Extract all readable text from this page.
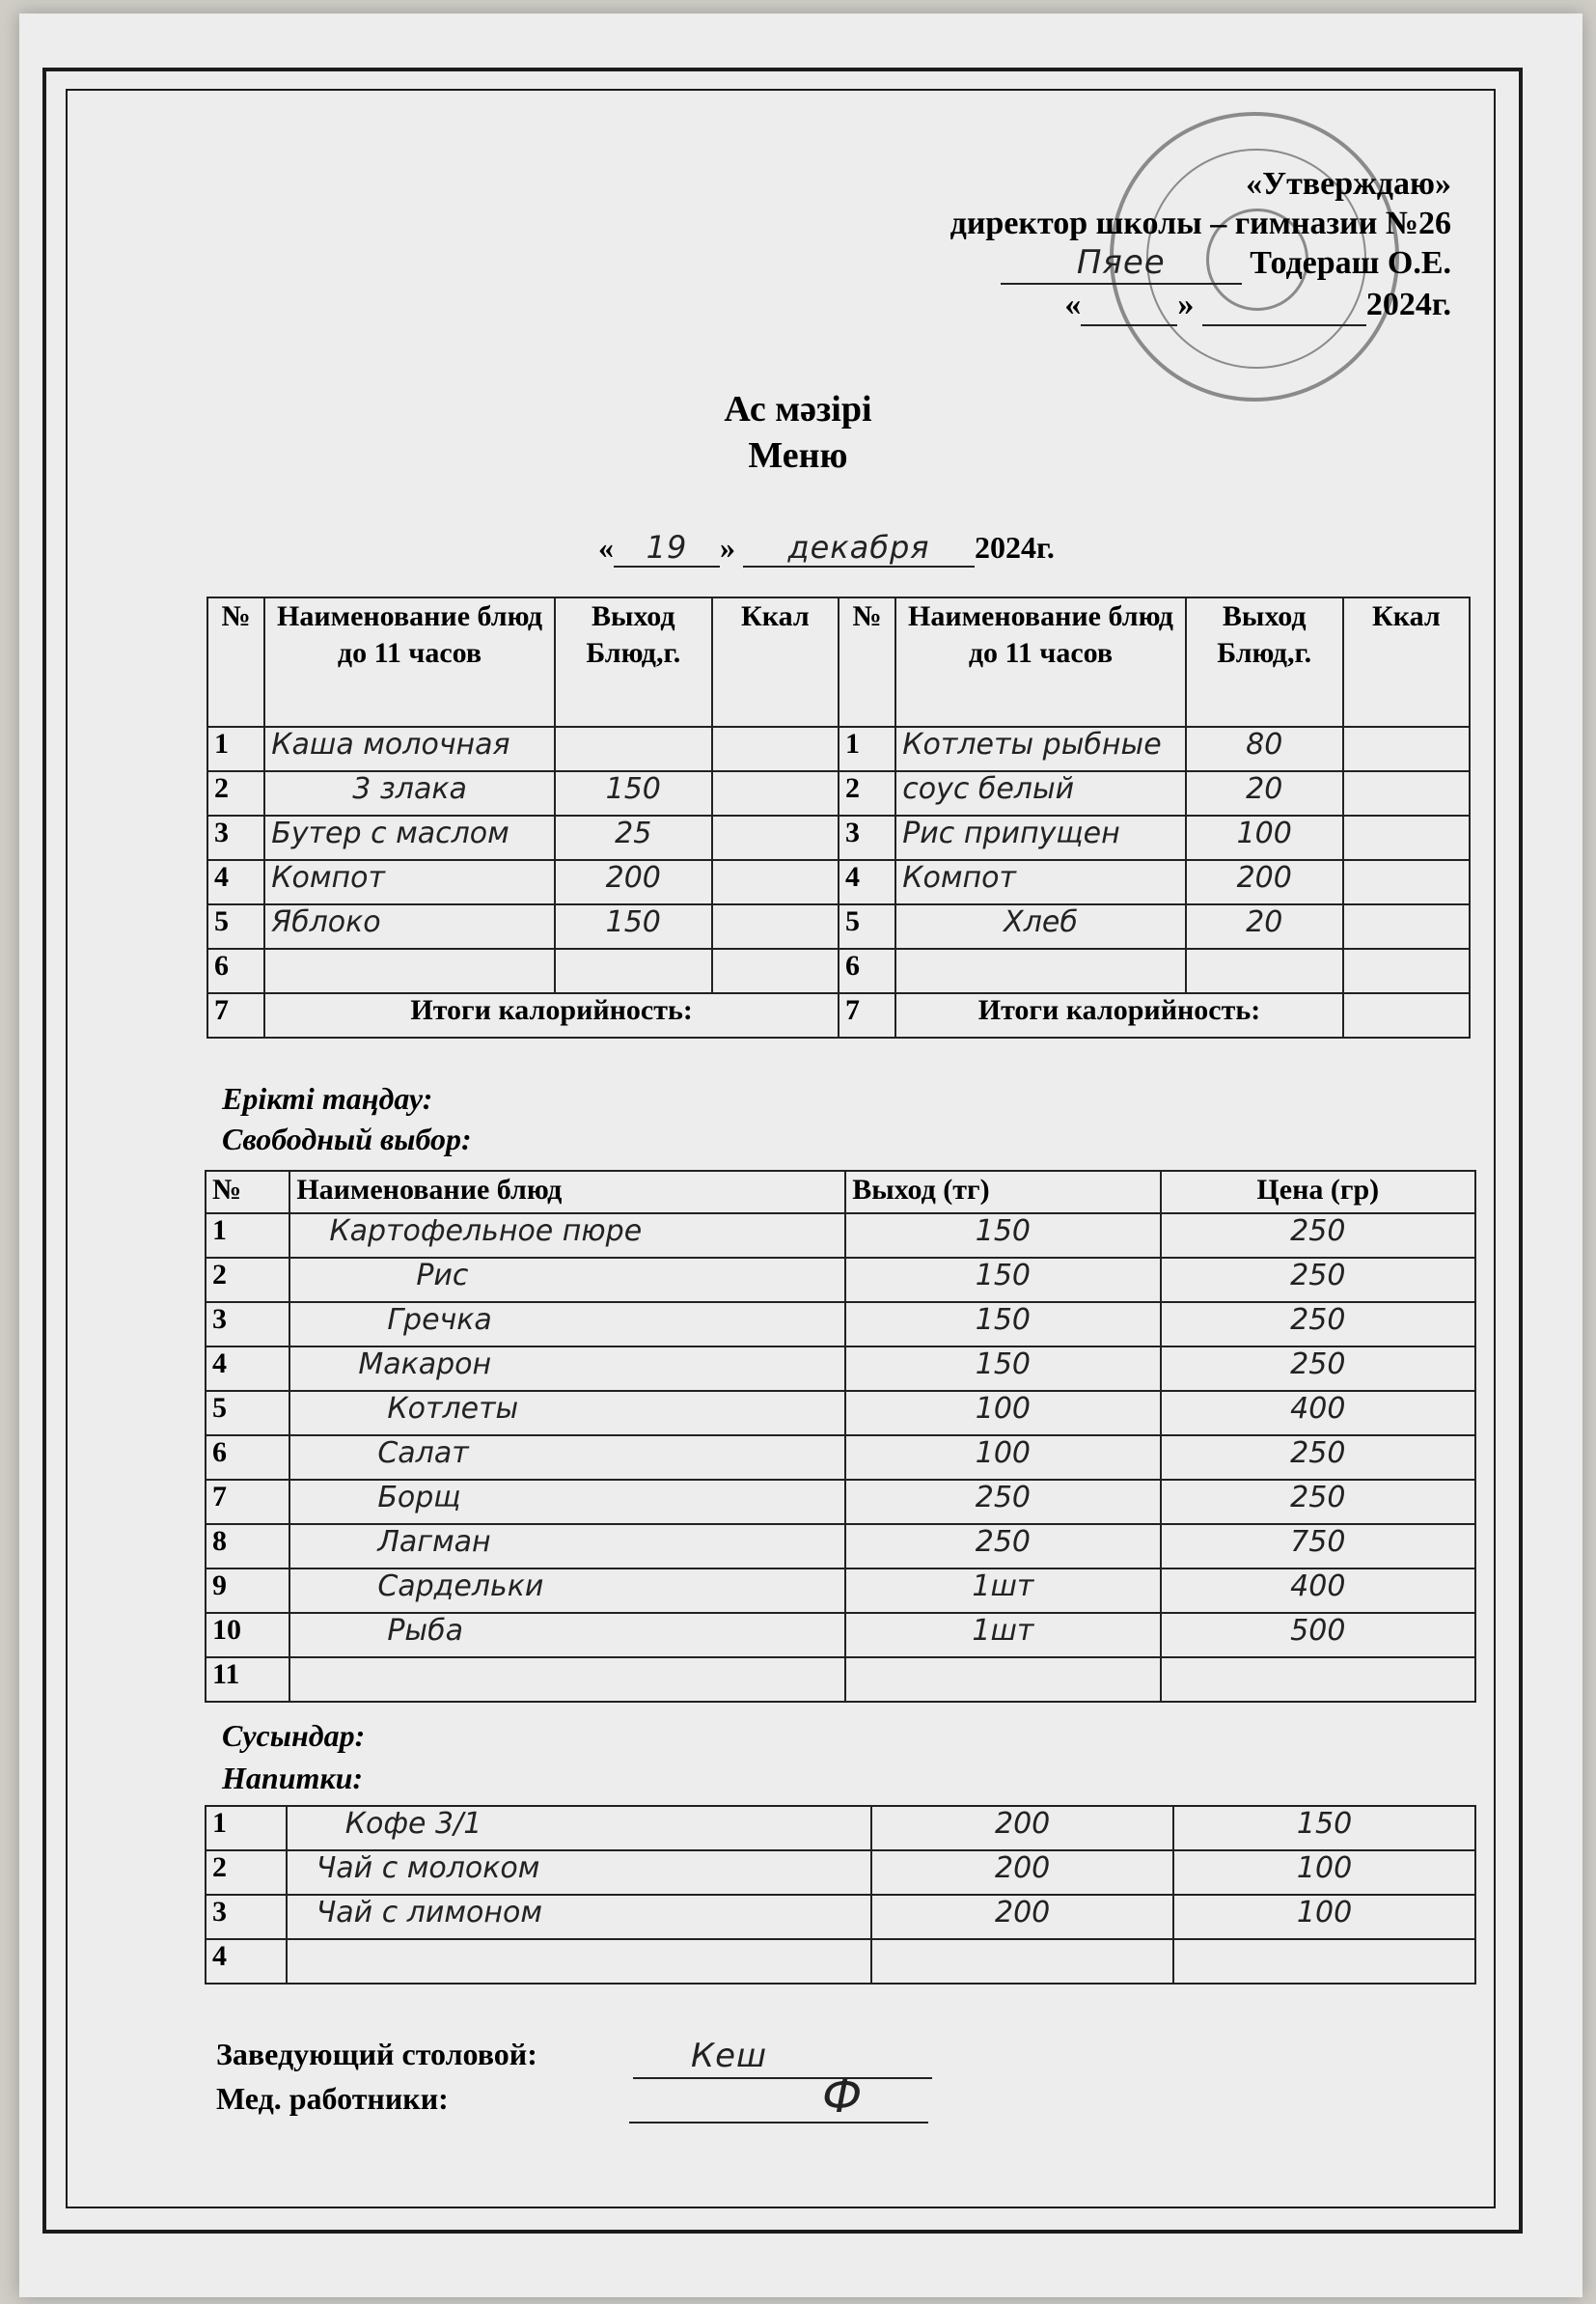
«Утверждаю»
директор школы – гимназии №26
Пяee	Тодераш О.Е.
«	»	2024г.
Ас мәзірі
Меню
« 19 » декабря 2024г.
№	Наименование блюд до 11 часов	Выход Блюд,г.	Ккал	№	Наименование блюд до 11 часов	Выход Блюд,г.	Ккал
1	Каша молочная			1	Котлеты рыбные	80	
2	3 злака	150		2	соус белый	20	
3	Бутер с маслом	25		3	Рис припущен	100	
4	Компот	200		4	Компот	200	
5	Яблоко	150		5	Хлеб	20	
6				6			
7	Итоги калорийность:			7	Итоги калорийность:		
Ерікті таңдау:
Свободный выбор:
№	Наименование блюд	Выход (тг)	Цена (гр)
1	Картофельное пюре	150	250
2	Рис	150	250
3	Гречка	150	250
4	Макарон	150	250
5	Котлеты	100	400
6	Салат	100	250
7	Борщ	250	250
8	Лагман	250	750
9	Сардельки	1шт	400
10	Рыба	1шт	500
11			
Сусындар:
Напитки:
1	Кофе 3/1	200	150
2	Чай с молоком	200	100
3	Чай с лимоном	200	100
4			
Заведующий столовой:	Кеш
Мед. работники:	Ф
